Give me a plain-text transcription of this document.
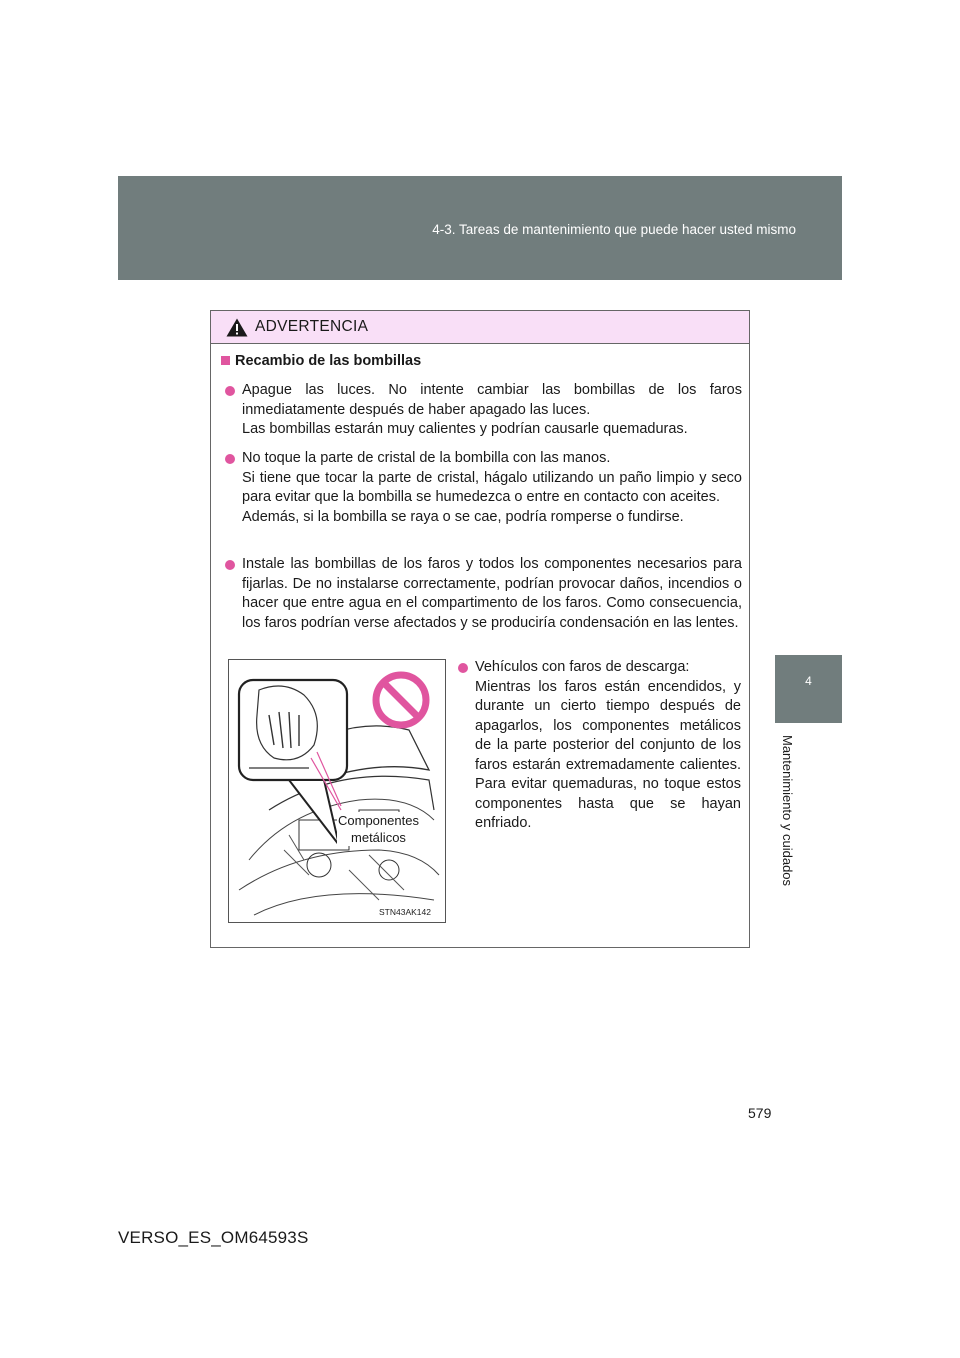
4-3. Tareas de mantenimiento que puede hacer usted mismo
4
Mantenimiento y cuidados
ADVERTENCIA
Recambio de las bombillas

Apague las luces. No intente cambiar las bombillas de los faros inmediatamente después de haber apagado las luces.

Las bombillas estarán muy calientes y podrían causarle quemaduras.

No toque la parte de cristal de la bombilla con las manos.

Si tiene que tocar la parte de cristal, hágalo utilizando un paño limpio y seco para evitar que la bombilla se humedezca o entre en contacto con aceites.

Además, si la bombilla se raya o se cae, podría romperse o fundirse.

Instale las bombillas de los faros y todos los componentes necesarios para fijarlas. De no instalarse correctamente, podrían provocar daños, incendios o hacer que entre agua en el compartimento de los faros. Como consecuencia, los faros podrían verse afectados y se produciría condensación en las lentes.

Componentes
metálicos
STN43AK142

Vehículos con faros de descarga:

Mientras los faros están encendidos, y durante un cierto tiempo después de apagarlos, los componentes metálicos de la parte posterior del conjunto de los faros estarán extremadamente calientes. Para evitar quemaduras, no toque estos componentes hasta que se hayan enfriado.

579
VERSO_ES_OM64593S
